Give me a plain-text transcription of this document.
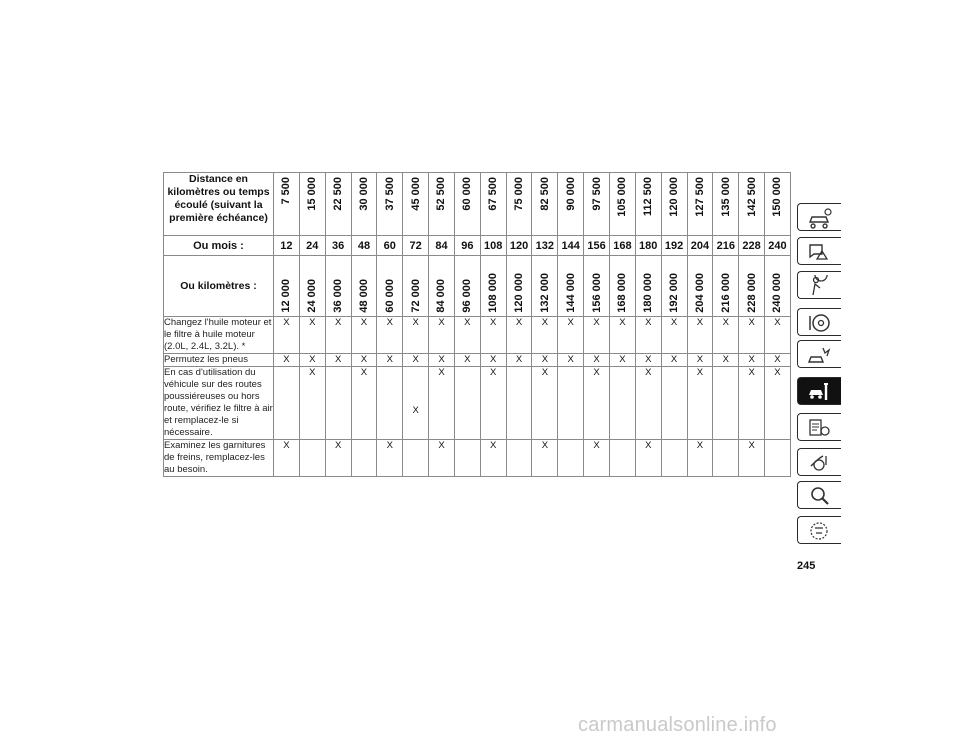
Distance en kilomètres ou temps écoulé (suivant la première échéance)	7 500	15 000	22 500	30 000	37 500	45 000	52 500	60 000	67 500	75 000	82 500	90 000	97 500	105 000	112 500	120 000	127 500	135 000	142 500	150 000

Ou mois :	12	24	36	48	60	72	84	96	108	120	132	144	156	168	180	192	204	216	228	240
Ou kilomètres :	12 000	24 000	36 000	48 000	60 000	72 000	84 000	96 000	108 000	120 000	132 000	144 000	156 000	168 000	180 000	192 000	204 000	216 000	228 000	240 000

Changez l'huile moteur et le filtre à huile moteur (2.0L, 2.4L, 3.2L). *	X	X	X	X	X	X	X	X	X	X	X	X	X	X	X	X	X	X	X	X
Permutez les pneus	X	X	X	X	X	X	X	X	X	X	X	X	X	X	X	X	X	X	X	X
En cas d'utilisation du véhicule sur des routes poussiéreuses ou hors route, vérifiez le filtre à air et remplacez-le si nécessaire.		X		X		X	X		X		X		X		X		X		X	X
Examinez les garnitures de freins, remplacez-les au besoin.	X		X		X		X		X		X		X		X		X		X	
245
carmanualsonline.info
